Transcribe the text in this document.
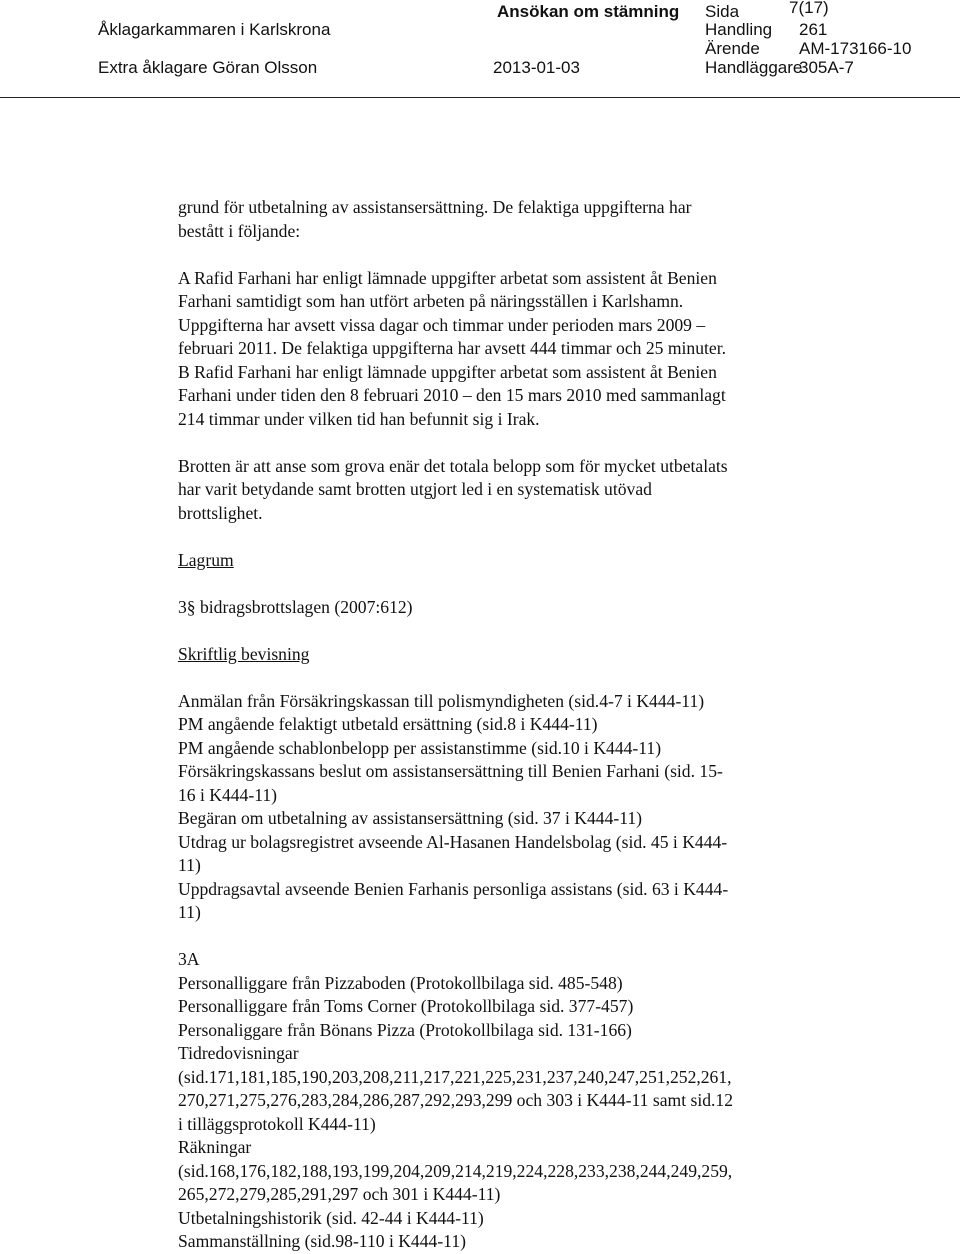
Åklagarkammaren i Karlskrona
Ansökan om stämning Sida	7(17)
Handling 261
Ärende AM-173166-10
Extra åklagare Göran Olsson	2013-01-03	Handläggare
305A-7

grund för utbetalning av assistansersättning. De felaktiga uppgifterna har

bestått i följande:

A Rafid Farhani har enligt lämnade uppgifter arbetat som assistent åt Benien

Farhani samtidigt som han utfört arbeten på näringsställen i Karlshamn.

Uppgifterna har avsett vissa dagar och timmar under perioden mars 2009 –

februari 2011. De felaktiga uppgifterna har avsett 444 timmar och 25 minuter.

B Rafid Farhani har enligt lämnade uppgifter arbetat som assistent åt Benien

Farhani under tiden den 8 februari 2010 – den 15 mars 2010 med sammanlagt

214 timmar under vilken tid han befunnit sig i Irak.

Brotten är att anse som grova enär det totala belopp som för mycket utbetalats

har varit betydande samt brotten utgjort led i en systematisk utövad

brottslighet.

Lagrum

3§ bidragsbrottslagen (2007:612)

Skriftlig bevisning

Anmälan från Försäkringskassan till polismyndigheten (sid.4-7 i K444-11)

PM angående felaktigt utbetald ersättning (sid.8 i K444-11)

PM angående schablonbelopp per assistanstimme (sid.10 i K444-11)

Försäkringskassans beslut om assistansersättning till Benien Farhani (sid. 15-

16 i K444-11)

Begäran om utbetalning av assistansersättning (sid. 37 i K444-11)

Utdrag ur bolagsregistret avseende Al-Hasanen Handelsbolag (sid. 45 i K444-

11)

Uppdragsavtal avseende Benien Farhanis personliga assistans (sid. 63 i K444-

11)

3A

Personalliggare från Pizzaboden (Protokollbilaga sid. 485-548)

Personalliggare från Toms Corner (Protokollbilaga sid. 377-457)

Personaliggare från Bönans Pizza (Protokollbilaga sid. 131-166)

Tidredovisningar

(sid.171,181,185,190,203,208,211,217,221,225,231,237,240,247,251,252,261,

270,271,275,276,283,284,286,287,292,293,299 och 303 i K444-11 samt sid.12

i tilläggsprotokoll K444-11)

Räkningar

(sid.168,176,182,188,193,199,204,209,214,219,224,228,233,238,244,249,259,

265,272,279,285,291,297 och 301 i K444-11)

Utbetalningshistorik (sid. 42-44 i K444-11)

Sammanställning (sid.98-110 i K444-11)
